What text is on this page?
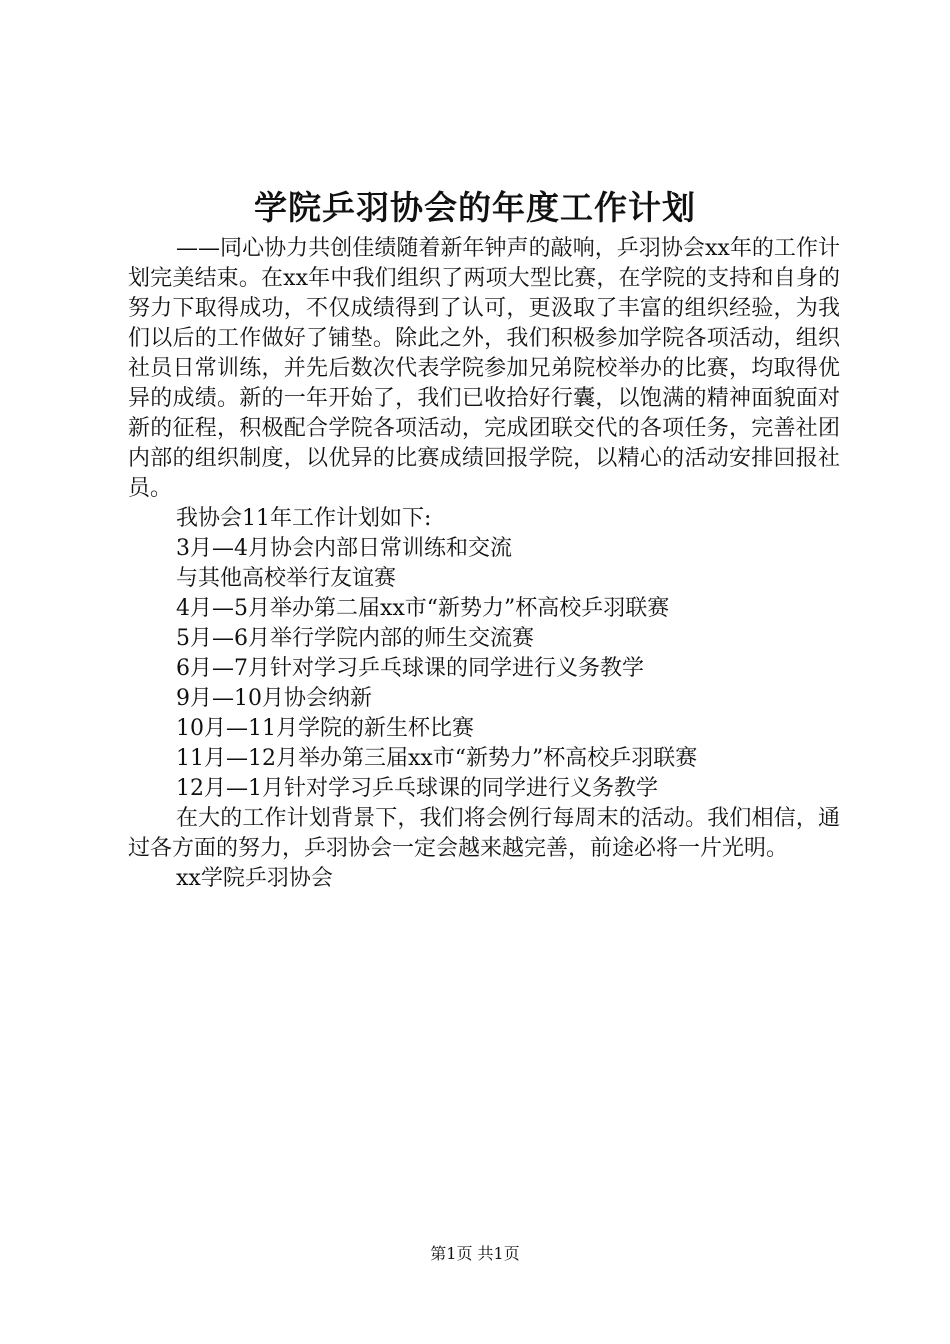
学院乒羽协会的年度工作计划

——同心协力共创佳绩随着新年钟声的敲响，乒羽协会xx年的工作计划完美结束。在xx年中我们组织了两项大型比赛，在学院的支持和自身的努力下取得成功，不仅成绩得到了认可，更汲取了丰富的组织经验，为我们以后的工作做好了铺垫。除此之外，我们积极参加学院各项活动，组织社员日常训练，并先后数次代表学院参加兄弟院校举办的比赛，均取得优异的成绩。新的一年开始了，我们已收拾好行囊，以饱满的精神面貌面对新的征程，积极配合学院各项活动，完成团联交代的各项任务，完善社团内部的组织制度，以优异的比赛成绩回报学院，以精心的活动安排回报社员。

我协会11年工作计划如下:

3月—4月协会内部日常训练和交流

与其他高校举行友谊赛

4月—5月举办第二届xx市“新势力”杯高校乒羽联赛

5月—6月举行学院内部的师生交流赛

6月—7月针对学习乒乓球课的同学进行义务教学

9月—10月协会纳新

10月—11月学院的新生杯比赛

11月—12月举办第三届xx市“新势力”杯高校乒羽联赛

12月—1月针对学习乒乓球课的同学进行义务教学

在大的工作计划背景下，我们将会例行每周末的活动。我们相信，通过各方面的努力，乒羽协会一定会越来越完善，前途必将一片光明。

xx学院乒羽协会

第1页 共1页
